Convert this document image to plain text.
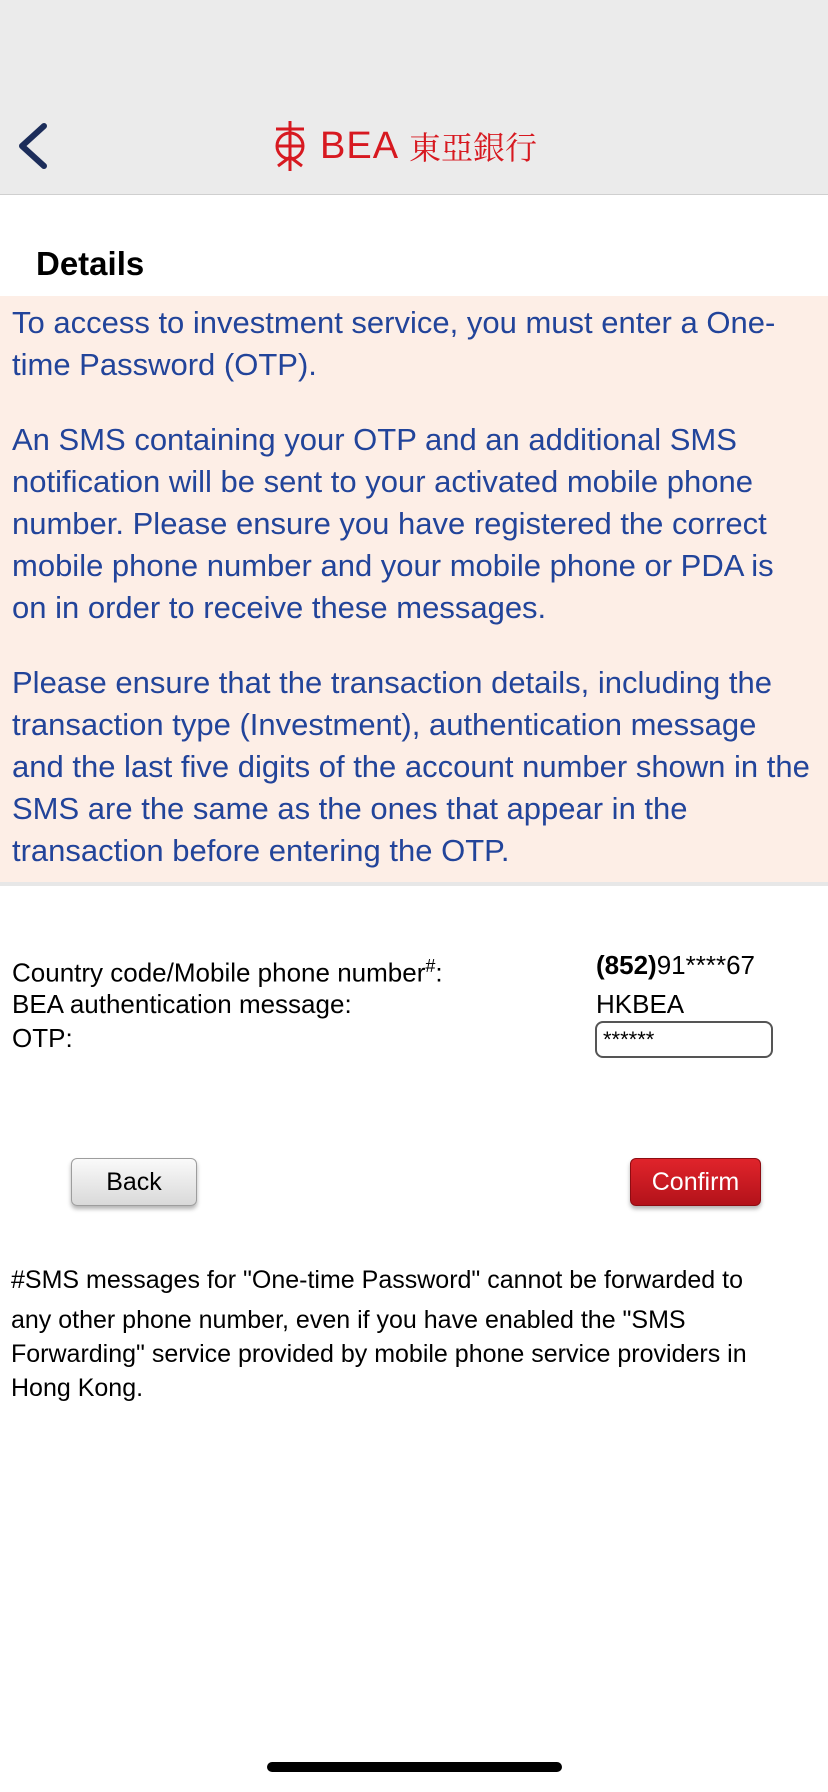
BEA 東亞銀行
Details

To access to investment service, you must enter a One-time Password (OTP).

An SMS containing your OTP and an additional SMS notification will be sent to your activated mobile phone number. Please ensure you have registered the correct mobile phone number and your mobile phone or PDA is on in order to receive these messages.

Please ensure that the transaction details, including the transaction type (Investment), authentication message and the last five digits of the account number shown in the SMS are the same as the ones that appear in the transaction before entering the OTP.

Country code/Mobile phone number#:	(852)91****67
BEA authentication message:	HKBEA
OTP:
******
Back	Confirm
#SMS messages for "One-time Password" cannot be forwarded to
any other phone number, even if you have enabled the "SMS Forwarding" service provided by mobile phone service providers in Hong Kong.
